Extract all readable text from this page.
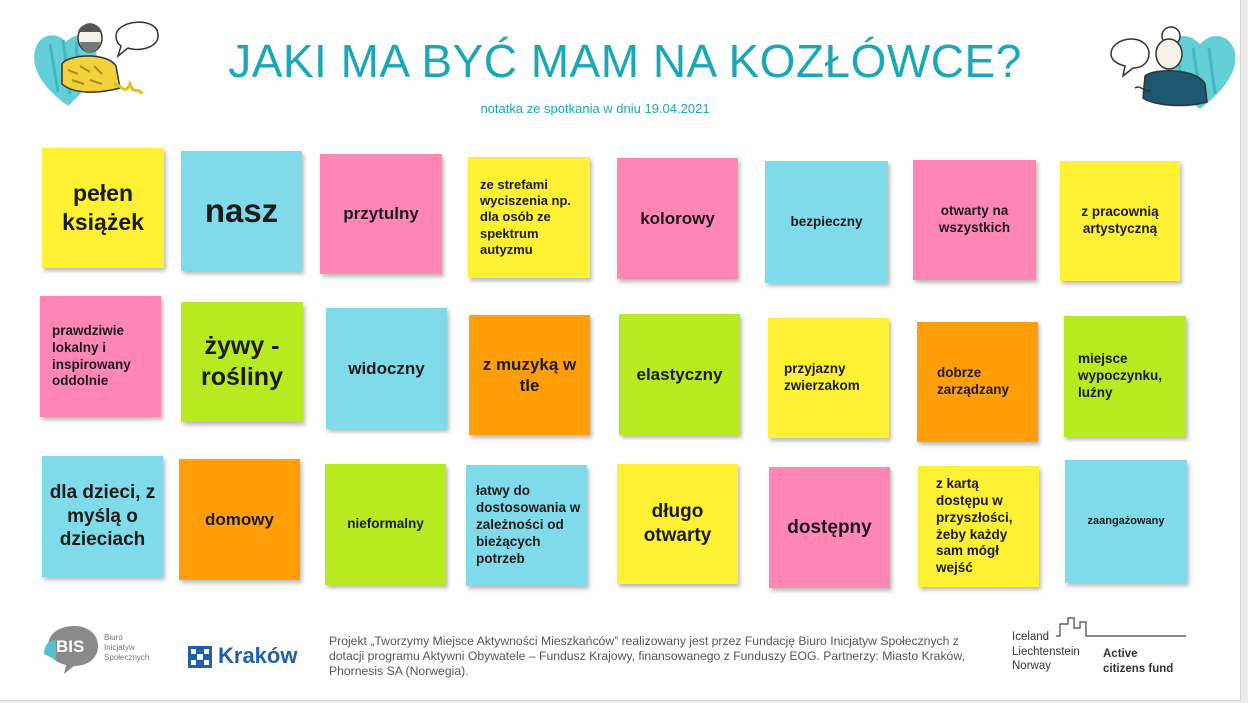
JAKI MA BYĆ MAM NA KOZŁÓWCE?
notatka ze spotkania w dniu 19.04.2021
pełen książek	nasz	przytulny
ze strefami wyciszenia np. dla osób ze spektrum autyzmu
kolorowy	bezpieczny
otwarty na wszystkich
z pracownią artystyczną
prawdziwie lokalny i inspirowany oddolnie
żywy - rośliny	widoczny	z muzyką w tle
elastyczny	przyjazny zwierzakom
dobrze zarządzany
miejsce wypoczynku, luźny
dla dzieci, z myślą o dzieciach
domowy	nieformalny
łatwy do dostosowania w zależności od bieżących potrzeb
długo otwarty	dostępny
z kartą dostępu w przyszłości, żeby każdy sam mógł wejść
zaangażowany
BIS Biuro
Inicjatyw
Społecznych	Kraków
Projekt „Tworzymy Miejsce Aktywności Mieszkańców” realizowany jest przez Fundację Biuro Inicjatyw Społecznych z dotacji programu Aktywni Obywatele – Fundusz Krajowy, finansowanego z Funduszy EOG. Partnerzy: Miasto Kraków, Phornesis SA (Norwegia).
Iceland
Liechtenstein
Norway
Active
citizens fund
